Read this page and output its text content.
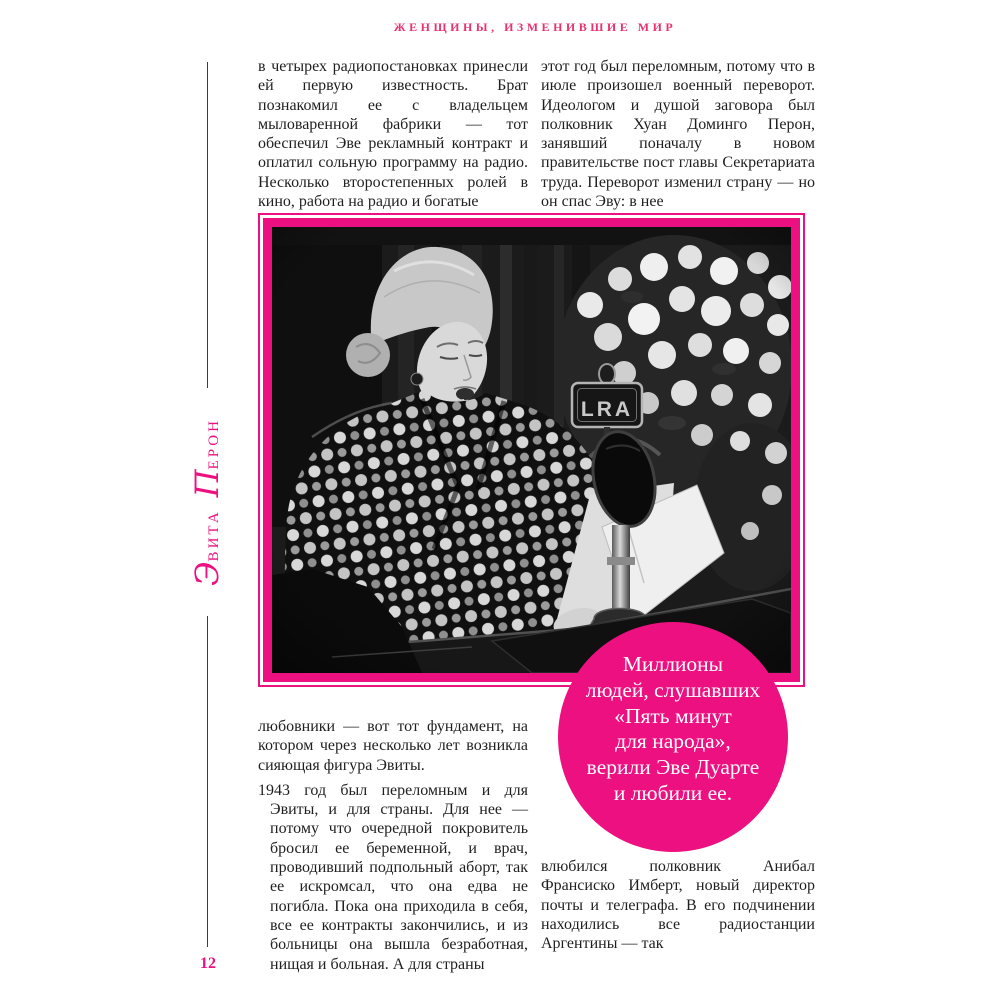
ЖЕНЩИНЫ, ИЗМЕНИВШИЕ МИР
ЭВИТАПЕРОН
в четырех радиопостановках принесли ей первую известность. Брат познакомил ее с владельцем мыловаренной фабрики — тот обеспечил Эве рекламный контракт и оплатил сольную программу на радио. Несколько второстепенных ролей в кино, работа на радио и богатые
этот год был переломным, потому что в июле произошел военный переворот. Идеологом и душой заговора был полковник Хуан Доминго Перон, занявший поначалу в новом правительстве пост главы Секретариата труда. Переворот изменил страну — но он спас Эву: в нее
Миллионы
людей, слушавших
«Пять минут
для народа»,
верили Эве Дуарте
и любили ее.

любовники — вот тот фундамент, на котором через несколько лет возникла сияющая фигура Эвиты.

1943 год был переломным и для Эвиты, и для страны. Для нее — потому что очередной покровитель бросил ее беременной, и врач, проводивший подпольный аборт, так ее искромсал, что она едва не погибла. Пока она приходила в себя, все ее контракты закончились, и из больницы она вышла безработная, нищая и больная. А для страны

влюбился полковник Анибал Франсиско Имберт, новый директор почты и телеграфа. В его подчинении находились все радиостанции Аргентины — так
12
